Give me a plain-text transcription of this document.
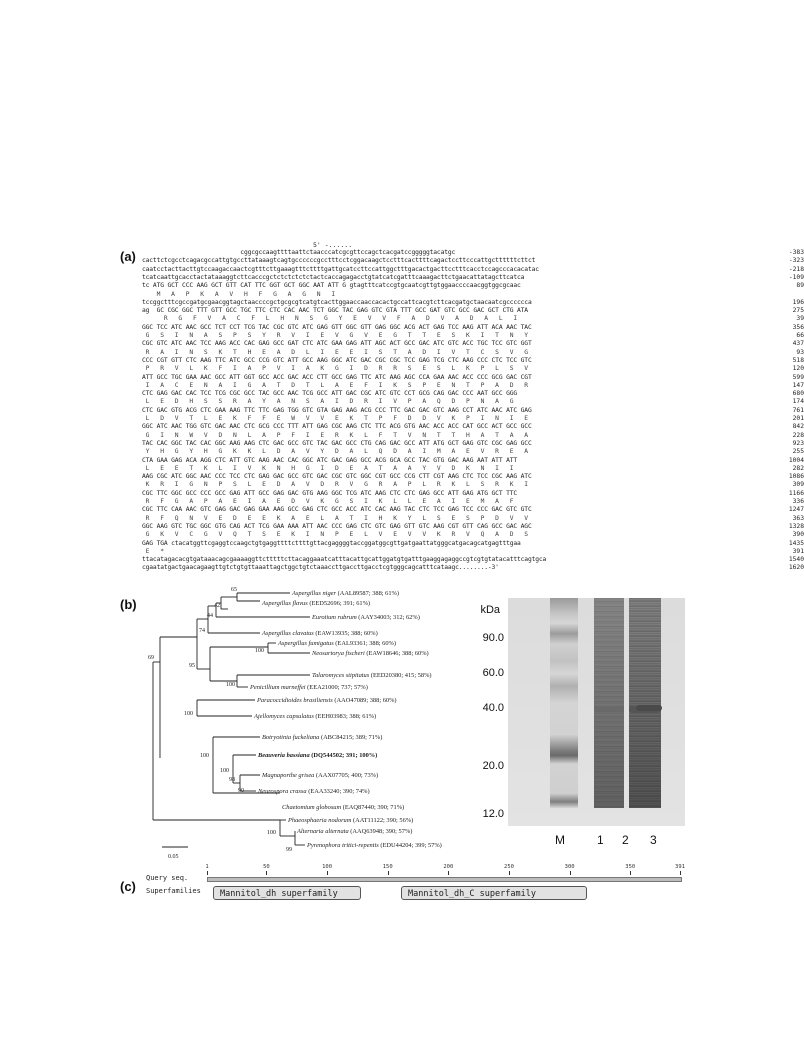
(a)
5' -......
cggcgccaagttttaattctaacccatcgcgttccagctcacgatccgggggtacatgc	-383
cacttctcgcctcagacgccattgtgccttataaagtcagtgccccccgcctttcctcggacaagctcctttcacttttcagactccttcccattgcttttttcttct	-323
caatcctacttacttgtccaagaccaactcgtttcttgaaagtttcttttgattgcatccttccattggctttgacactgacttcctttcacctccagcccacacatac	-218
tcatcaattgcacctactataaaggtcttcacccgctctctctctctactcaccagagacctgtatcatcgatttcaaagacttctgaacattatagcttcatca	-109
tc ATG GCT CCC AAG GCT GTT CAT TTC GGT GCT GGC AAT ATT G gtagtttcatccgtgcaatcgttgtggaaccccaacggtggcgcaac	89
M   A   P   K   A   V   H   F   G   A   G   N   I
tccggctttcgccgatgcgaacggtagctaaccccgctgcgcgtcatgtcacttggaaccaaccacactgccattcacgtcttcacgatgctaacaatcgcccccca	196
ag  GC CGC GGC TTT GTT GCC TGC TTC CTC CAC AAC TCT GGC TAC GAG GTC GTA TTT GCC GAT GTC GCC GAC GCT CTG ATA	275
R   G   F   V   A   C   F   L   H   N   S   G   Y   E   V   V   F   A   D   V   A   D   A   L   I	39
GGC TCC ATC AAC GCC TCT CCT TCG TAC CGC GTC ATC GAG GTT GGC GTT GAG GGC ACG ACT GAG TCC AAG ATT ACA AAC TAC	356
G   S   I   N   A   S   P   S   Y   R   V   I   E   V   G   V   E   G   T   T   E   S   K   I   T   N   Y	66
CGC GTC ATC AAC TCC AAG ACC CAC GAG GCC GAT CTC ATC GAA GAG ATT AGC ACT GCC GAC ATC GTC ACC TGC TCC GTC GGT	437
R   A   I   N   S   K   T   H   E   A   D   L   I   E   E   I   S   T   A   D   I   V   T   C   S   V   G	93
CCC CGT GTT CTC AAG TTC ATC GCC CCG GTC ATT GCC AAG GGC ATC GAC CGC CGC TCC GAG TCG CTC AAG CCC CTC TCC GTC	518
P   R   V   L   K   F   I   A   P   V   I   A   K   G   I   D   R   R   S   E   S   L   K   P   L   S   V	120
ATT GCC TGC GAA AAC GCC ATT GGT GCC ACC GAC ACC CTT GCC GAG TTC ATC AAG AGC CCA GAA AAC ACC CCC GCG GAC CGT	599
I   A   C   E   N   A   I   G   A   T   D   T   L   A   E   F   I   K   S   P   E   N   T   P   A   D   R	147
CTC GAG GAC CAC TCC TCG CGC GCC TAC GCC AAC TCG GCC ATT GAC CGC ATC GTC CCT GCG CAG GAC CCC AAT GCC GGG	680
L   E   D   H   S   S   R   A   Y   A   N   S   A   I   D   R   I   V   P   A   Q   D   P   N   A   G	174
CTC GAC GTG ACG CTC GAA AAG TTC TTC GAG TGG GTC GTA GAG AAG ACG CCC TTC GAC GAC GTC AAG CCT ATC AAC ATC GAG	761
L   D   V   T   L   E   K   F   F   E   W   V   V   E   K   T   P   F   D   D   V   K   P   I   N   I   E	201
GGC ATC AAC TGG GTC GAC AAC CTC GCG CCC TTT ATT GAG CGC AAG CTC TTC ACG GTG AAC ACC ACC CAT GCC ACT GCC GCC	842
G   I   N   W   V   D   N   L   A   P   F   I   E   R   K   L   F   T   V   N   T   T   H   A   T   A   A	228
TAC CAC GGC TAC CAC GGC AAG AAG CTC GAC GCC GTC TAC GAC GCC CTG CAG GAC GCC ATT ATG GCT GAG GTC CGC GAG GCC	923
Y   H   G   Y   H   G   K   K   L   D   A   V   Y   D   A   L   Q   D   A   I   M   A   E   V   R   E   A	255
CTA GAA GAG ACA AGG CTC ATT GTC AAG AAC CAC GGC ATC GAC GAG GCC ACG GCA GCC TAC GTG GAC AAG AAT ATT ATT	1004
L   E   E   T   K   L   I   V   K   N   H   G   I   D   E   A   T   A   A   Y   V   D   K   N   I   I	282
AAG CGC ATC GGC AAC CCC TCC CTC GAG GAC GCC GTC GAC CGC GTC GGC CGT GCC CCG CTT CGT AAG CTC TCC CGC AAG ATC	1086
K   R   I   G   N   P   S   L   E   D   A   V   D   R   V   G   R   A   P   L   R   K   L   S   R   K   I	309
CGC TTC GGC GCC CCC GCC GAG ATT GCC GAG GAC GTG AAG GGC TCG ATC AAG CTC CTC GAG GCC ATT GAG ATG GCT TTC	1166
R   F   G   A   P   A   E   I   A   E   D   V   K   G   S   I   K   L   L   E   A   I   E   M   A   F	336
CGC TTC CAA AAC GTC GAG GAC GAG GAA AAG GCC GAG CTC GCC ACC ATC CAC AAG TAC CTC TCC GAG TCC CCC GAC GTC GTC	1247
R   F   Q   N   V   E   D   E   E   K   A   E   L   A   T   I   H   K   Y   L   S   E   S   P   D   V   V	363
GGC AAG GTC TGC GGC GTG CAG ACT TCG GAA AAA ATT AAC CCC GAG CTC GTC GAG GTT GTC AAG CGT GTT CAG GCC GAC AGC	1328
G   K   V   C   G   V   Q   T   S   E   K   I   N   P   E   L   V   E   V   V   K   R   V   Q   A   D   S	390
GAG TGA ctacatggttcgaggtccaagctgtgaggttttcttttgttacgaggggtaccggatggcgttgatgaattatgggcatgacagcatgagtttgaa	1435
E   *	391
ttacatagacacgtgataaacagcgaaaaggttctttttcttacaggaaatcatttacattgcattggatgtgatttgaaggagaggccgtcgtgtatacatttcagtgca	1540
cgaatatgactgaacagaagttgtctgtgttaaattagctggctgtctaaaccttgaccttgacctcgtgggcagcatttcataagc........-3'	1620
(b)
Aspergillus niger (AAL89587; 388; 61%)
Aspergillus flavus (EED52696; 391; 61%)
Eurotium rubrum (AAY34003; 312; 62%)
Aspergillus clavatus (EAW13935; 388; 60%)
Aspergillus fumigatus (EAL93361; 388; 60%)
Neosartorya fischeri (EAW18646; 388; 60%)
Talaromyces stipitatus (EED20380; 415; 58%)
Penicillium marneffei (EEA21000; 737; 57%)
Paracoccidioides brasiliensis (AAO47089; 388; 60%)
Ajellomyces capsulatus (EEH03983; 388; 61%)
Botryotinia fuckeliana (ABC84215; 389; 71%)
Beauveria bassiana (DQ544502; 391; 100%)
Magnaporthe grisea (AAX07705; 400; 73%)
Neurospora crassa (EAA33240; 390; 74%)
Chaetomium globosum (EAQ87440; 390; 71%)
Phaeosphaeria nodorum (AAT11122; 390; 56%)
Alternaria alternata (AAQ63948; 390; 57%)
Pyrenophora tritici-repentis (EDU44204; 399; 57%)
65
42
44
74
95
100
100
69
100
100
100
98
90
100
99
0.05
kDa
90.0
60.0
40.0
20.0
12.0
M	1 2 3
(c)
Query seq.
Superfamilies
1	50	100	150	200	250	300	350	391
Mannitol_dh superfamily	Mannitol_dh_C superfamily
